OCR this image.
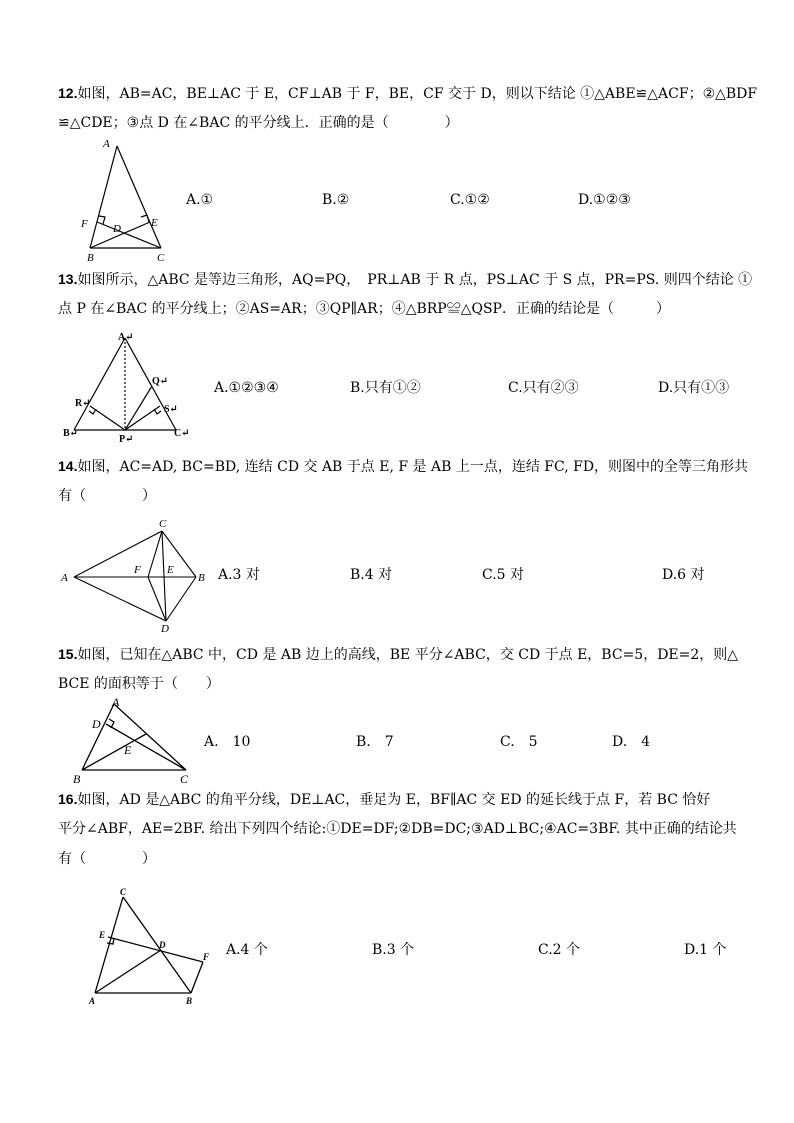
12.如图，AB=AC，BE⊥AC 于 E，CF⊥AB 于 F，BE，CF 交于 D，则以下结论 ①△ABE≌△ACF；②△BDF
≌△CDE；③点 D 在∠BAC 的平分线上．正确的是（　　　　）
A
F D	E
B	C
A.①	B.②	C.①②	D.①②③
13.如图所示，△ABC 是等边三角形，AQ=PQ，　PR⊥AB 于 R 点，PS⊥AC 于 S 点，PR=PS. 则四个结论 ①
点 P 在∠BAC 的平分线上；②AS=AR；③QP∥AR；④△BRP≌△QSP．正确的结论是（　　　）
A↵
Q↵
R↵
S↵
B↵
P↵
C↵
A.①②③④	B.只有①②	C.只有②③	D.只有①③
14.如图，AC=AD, BC=BD, 连结 CD 交 AB 于点 E, F 是 AB 上一点，连结 FC, FD，则图中的全等三角形共
有（　　　　）
C
A
F E
B
D
A.3 对	B.4 对	C.5 对	D.6 对
15.如图，已知在△ABC 中，CD 是 AB 边上的高线，BE 平分∠ABC，交 CD 于点 E，BC=5，DE=2，则△
BCE 的面积等于（　　）
A
D
E
B	C
A.　10	B.　7	C.　5	D.　4
16.如图，AD 是△ABC 的角平分线，DE⊥AC，垂足为 E，BF∥AC 交 ED 的延长线于点 F，若 BC 恰好
平分∠ABF，AE=2BF. 给出下列四个结论:①DE=DF;②DB=DC;③AD⊥BC;④AC=3BF. 其中正确的结论共
有（　　　　）
C
E
D
F
A	B
A.4 个	B.3 个	C.2 个	D.1 个
